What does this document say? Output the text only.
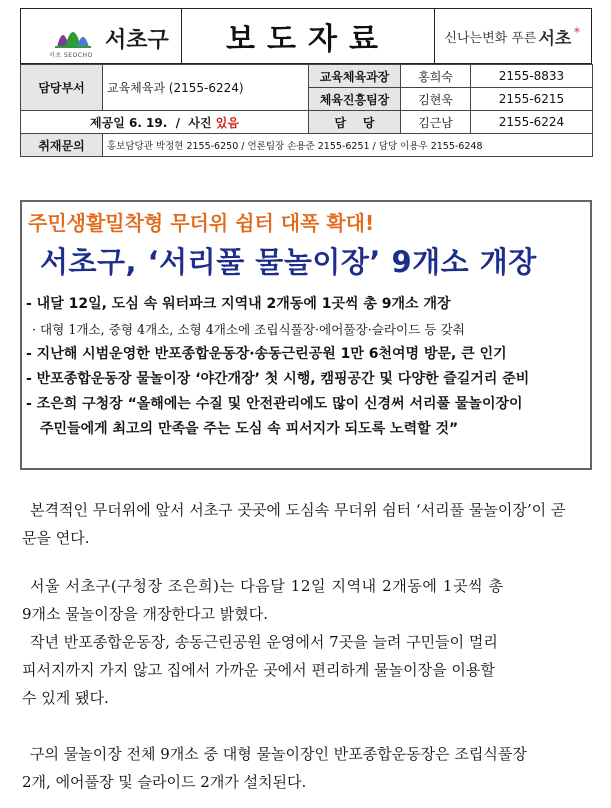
서초 SEOCHO
서초구	보도자료	신나는변화 푸른 서초 ✶
담당부서	교육체육과 (2155-6224)	교육체육과장	홍희숙	2155-8833
		체육진흥팀장	김현욱	2155-6215
제공일 6. 19.  /  사진 있음		담    당	김근남	2155-6224
취재문의	홍보담당관 박정현 2155-6250 / 언론팀장 손용준 2155-6251 / 담당 이용우 2155-6248			
주민생활밀착형 무더위 쉼터 대폭 확대!
서초구, ‘서리풀 물놀이장’ 9개소 개장
- 내달 12일, 도심 속 워터파크 지역내 2개동에 1곳씩 총 9개소 개장
· 대형 1개소, 중형 4개소, 소형 4개소에 조립식풀장·에어풀장·슬라이드 등 갖춰
- 지난해 시범운영한 반포종합운동장·송동근린공원 1만 6천여명 방문, 큰 인기
- 반포종합운동장 물놀이장 ‘야간개장’ 첫 시행, 캠핑공간 및 다양한 즐길거리 준비
- 조은희 구청장 “올해에는 수질 및 안전관리에도 많이 신경써 서리풀 물놀이장이
주민들에게 최고의 만족을 주는 도심 속 피서지가 되도록 노력할 것”

본격적인 무더위에 앞서 서초구 곳곳에 도심속 무더위 쉼터 ‘서리풀 물놀이장’이 곧
문을 연다.

서울 서초구(구청장 조은희)는 다음달 12일 지역내 2개동에 1곳씩 총
9개소 물놀이장을 개장한다고 밝혔다.

작년 반포종합운동장, 송동근린공원 운영에서 7곳을 늘려 구민들이 멀리
피서지까지 가지 않고 집에서 가까운 곳에서 편리하게 물놀이장을 이용할
수 있게 됐다.

구의 물놀이장 전체 9개소 중 대형 물놀이장인 반포종합운동장은 조립식풀장
2개, 에어풀장 및 슬라이드 2개가 설치된다.
